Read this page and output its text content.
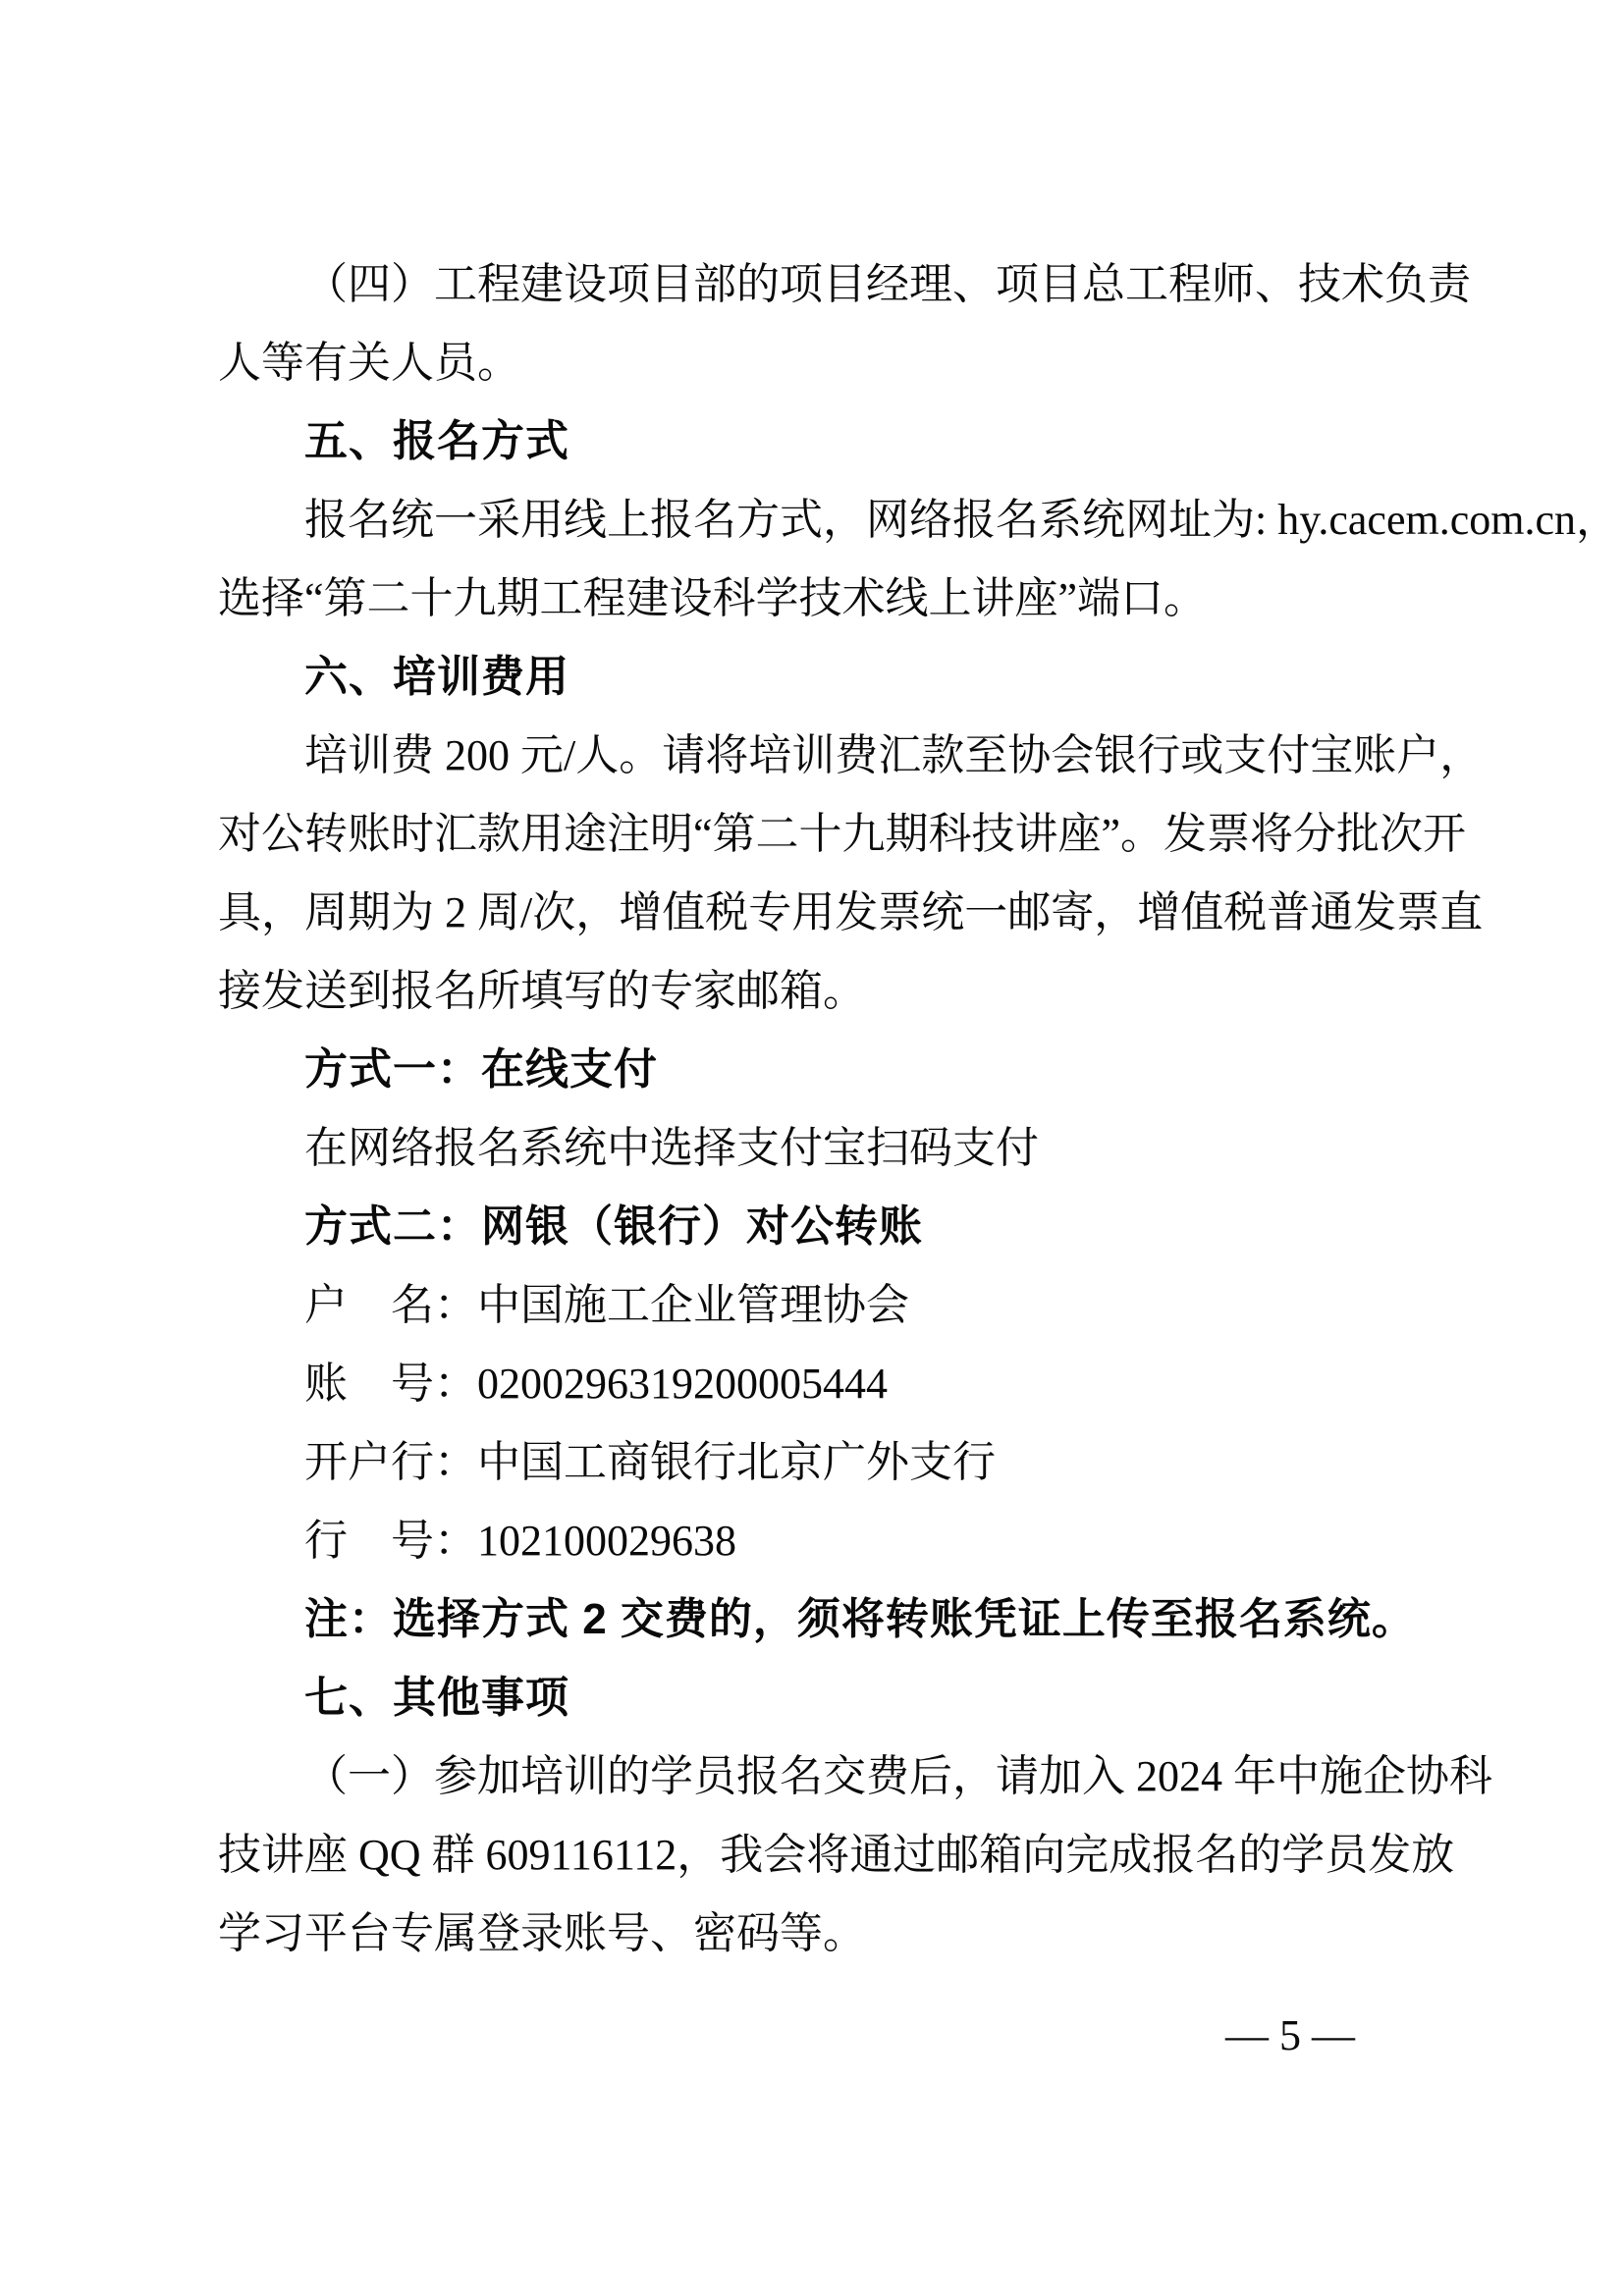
（四）工程建设项目部的项目经理、项目总工程师、技术负责
人等有关人员。
五、报名方式
报名统一采用线上报名方式，网络报名系统网址为: hy.cacem.com.cn，
选择“第二十九期工程建设科学技术线上讲座”端口。
六、培训费用
培训费 200 元/人。请将培训费汇款至协会银行或支付宝账户，
对公转账时汇款用途注明“第二十九期科技讲座”。发票将分批次开
具，周期为 2 周/次，增值税专用发票统一邮寄，增值税普通发票直
接发送到报名所填写的专家邮箱。
方式一：在线支付
在网络报名系统中选择支付宝扫码支付
方式二：网银（银行）对公转账
户　名：中国施工企业管理协会
账　号：0200296319200005444
开户行：中国工商银行北京广外支行
行　号：102100029638
注：选择方式 2 交费的，须将转账凭证上传至报名系统。
七、其他事项
（一）参加培训的学员报名交费后，请加入 2024 年中施企协科
技讲座 QQ 群 609116112，我会将通过邮箱向完成报名的学员发放
学习平台专属登录账号、密码等。
— 5 —
